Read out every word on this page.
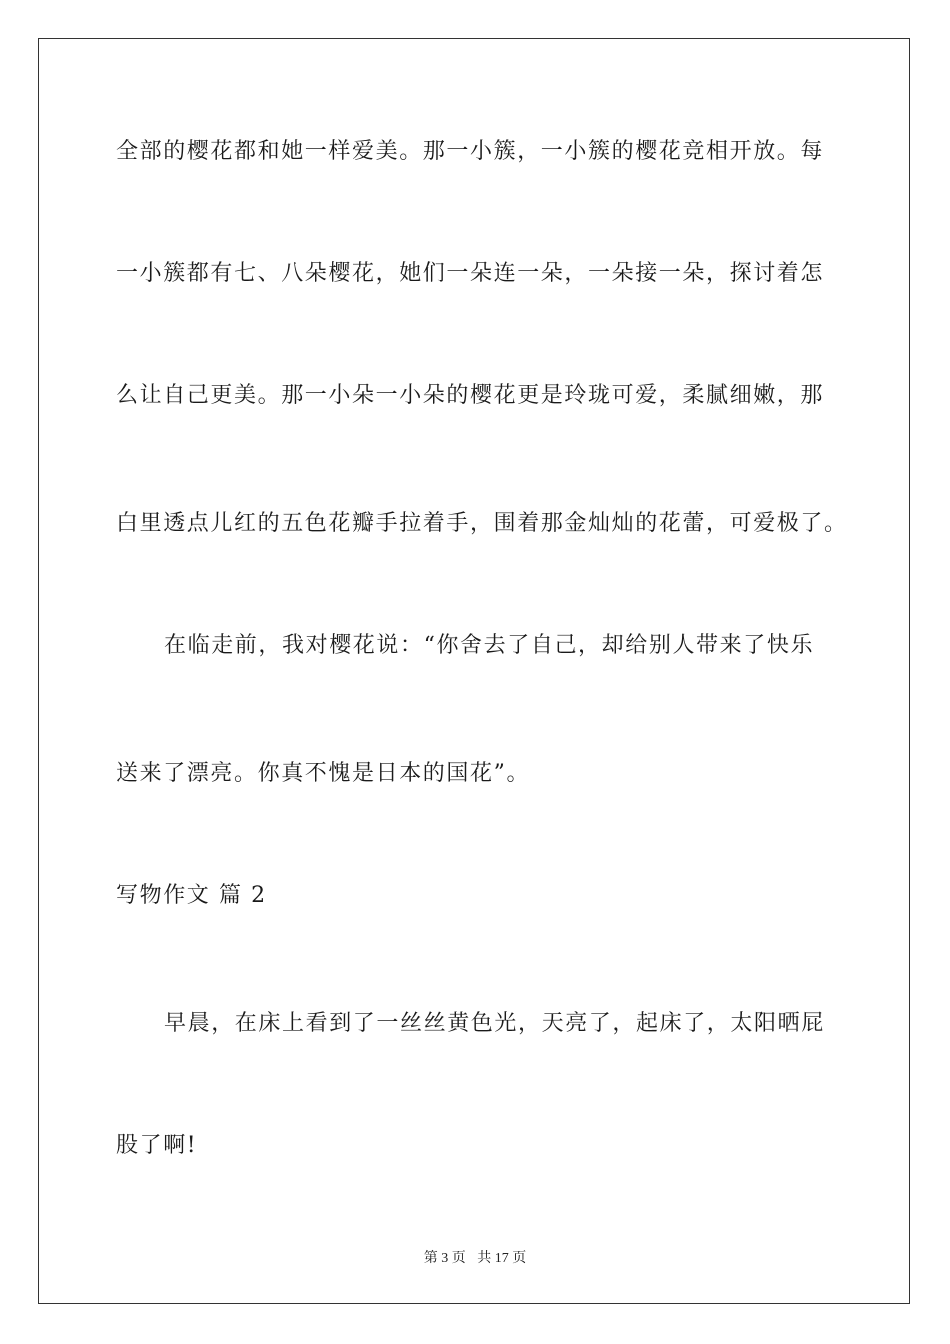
全部的樱花都和她一样爱美。那一小簇，一小簇的樱花竞相开放。每
一小簇都有七、八朵樱花，她们一朵连一朵，一朵接一朵，探讨着怎
么让自己更美。那一小朵一小朵的樱花更是玲珑可爱，柔腻细嫩，那
白里透点儿红的五色花瓣手拉着手，围着那金灿灿的花蕾，可爱极了。
在临走前，我对樱花说：“你舍去了自己，却给别人带来了快乐
送来了漂亮。你真不愧是日本的国花”。
写物作文 篇 2
早晨，在床上看到了一丝丝黄色光，天亮了，起床了，太阳晒屁
股了啊!
第 3 页 共 17 页
